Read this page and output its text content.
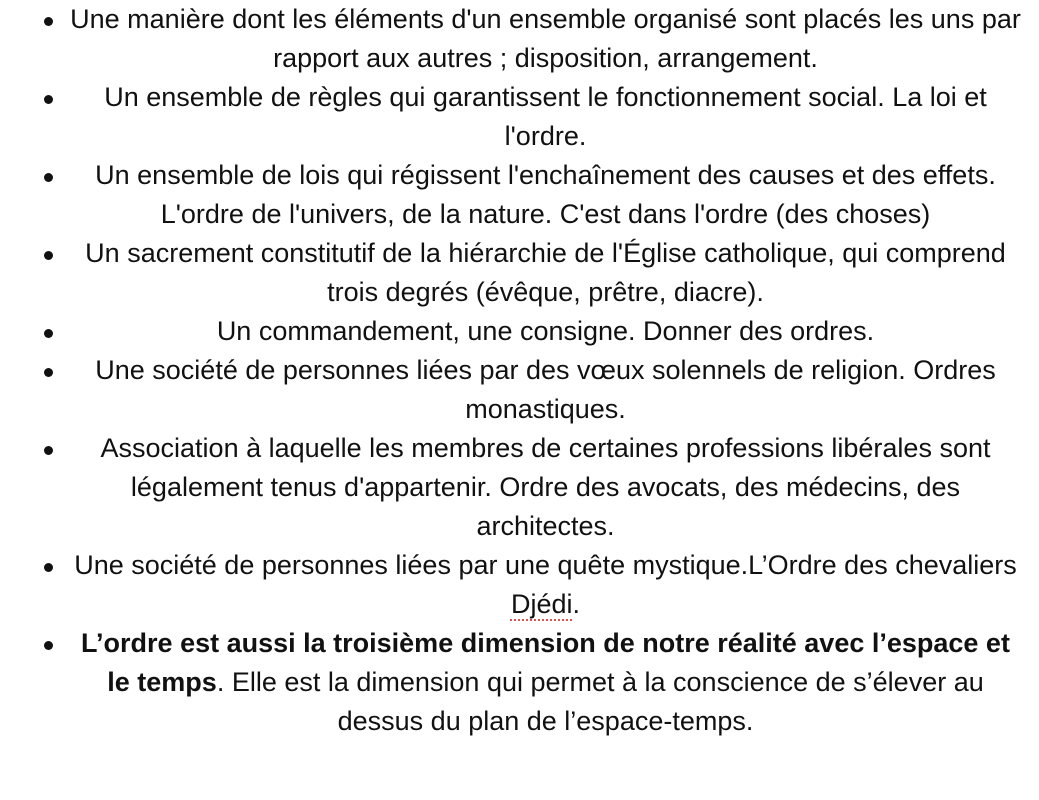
Une manière dont les éléments d'un ensemble organisé sont placés les uns par rapport aux autres ; disposition, arrangement.
Un ensemble de règles qui garantissent le fonctionnement social. La loi et l'ordre.
Un ensemble de lois qui régissent l'enchaînement des causes et des effets. L'ordre de l'univers, de la nature. C'est dans l'ordre (des choses)
Un sacrement constitutif de la hiérarchie de l'Église catholique, qui comprend trois degrés (évêque, prêtre, diacre).
Un commandement, une consigne. Donner des ordres.
Une société de personnes liées par des vœux solennels de religion. Ordres monastiques.
Association à laquelle les membres de certaines professions libérales sont légalement tenus d'appartenir. Ordre des avocats, des médecins, des architectes.
Une société de personnes liées par une quête mystique.L’Ordre des chevaliers Djédi.
L’ordre est aussi la troisième dimension de notre réalité avec l’espace et le temps. Elle est la dimension qui permet à la conscience de s’élever au dessus du plan de l’espace-temps.
